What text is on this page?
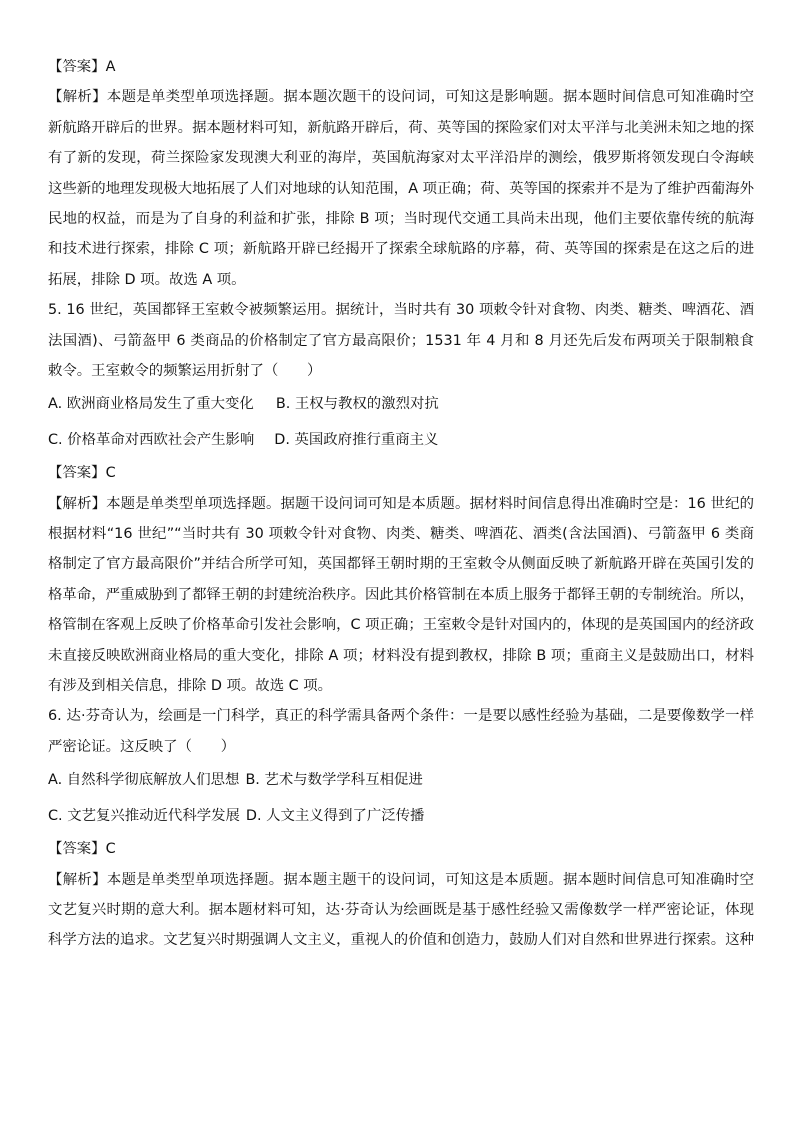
【答案】A
【解析】本题是单类型单项选择题。据本题次题干的设问词，可知这是影响题。据本题时间信息可知准确时空
新航路开辟后的世界。据本题材料可知，新航路开辟后，荷、英等国的探险家们对太平洋与北美洲未知之地的探
有了新的发现，荷兰探险家发现澳大利亚的海岸，英国航海家对太平洋沿岸的测绘，俄罗斯将领发现白令海峡
这些新的地理发现极大地拓展了人们对地球的认知范围，A 项正确；荷、英等国的探索并不是为了维护西葡海外
民地的权益，而是为了自身的利益和扩张，排除 B 项；当时现代交通工具尚未出现，他们主要依靠传统的航海
和技术进行探索，排除 C 项；新航路开辟已经揭开了探索全球航路的序幕，荷、英等国的探索是在这之后的进
拓展，排除 D 项。故选 A 项。
5. 16 世纪，英国都铎王室敕令被频繁运用。据统计，当时共有 30 项敕令针对食物、肉类、糖类、啤酒花、酒
法国酒)、弓箭盔甲 6 类商品的价格制定了官方最高限价；1531 年 4 月和 8 月还先后发布两项关于限制粮食
敕令。王室敕令的频繁运用折射了（　　）
A. 欧洲商业格局发生了重大变化 B. 王权与教权的激烈对抗
C. 价格革命对西欧社会产生影响 D. 英国政府推行重商主义
【答案】C
【解析】本题是单类型单项选择题。据题干设问词可知是本质题。据材料时间信息得出准确时空是：16 世纪的
根据材料“16 世纪”“当时共有 30 项敕令针对食物、肉类、糖类、啤酒花、酒类(含法国酒)、弓箭盔甲 6 类商
格制定了官方最高限价”并结合所学可知，英国都铎王朝时期的王室敕令从侧面反映了新航路开辟在英国引发的
格革命，严重威胁到了都铎王朝的封建统治秩序。因此其价格管制在本质上服务于都铎王朝的专制统治。所以，
格管制在客观上反映了价格革命引发社会影响，C 项正确；王室敕令是针对国内的，体现的是英国国内的经济政
未直接反映欧洲商业格局的重大变化，排除 A 项；材料没有提到教权，排除 B 项；重商主义是鼓励出口，材料
有涉及到相关信息，排除 D 项。故选 C 项。
6. 达·芬奇认为，绘画是一门科学，真正的科学需具备两个条件：一是要以感性经验为基础，二是要像数学一样
严密论证。这反映了（　　）
A. 自然科学彻底解放人们思想 B. 艺术与数学学科互相促进
C. 文艺复兴推动近代科学发展 D. 人文主义得到了广泛传播
【答案】C
【解析】本题是单类型单项选择题。据本题主题干的设问词，可知这是本质题。据本题时间信息可知准确时空
文艺复兴时期的意大利。据本题材料可知，达·芬奇认为绘画既是基于感性经验又需像数学一样严密论证，体现
科学方法的追求。文艺复兴时期强调人文主义，重视人的价值和创造力，鼓励人们对自然和世界进行探索。这种
